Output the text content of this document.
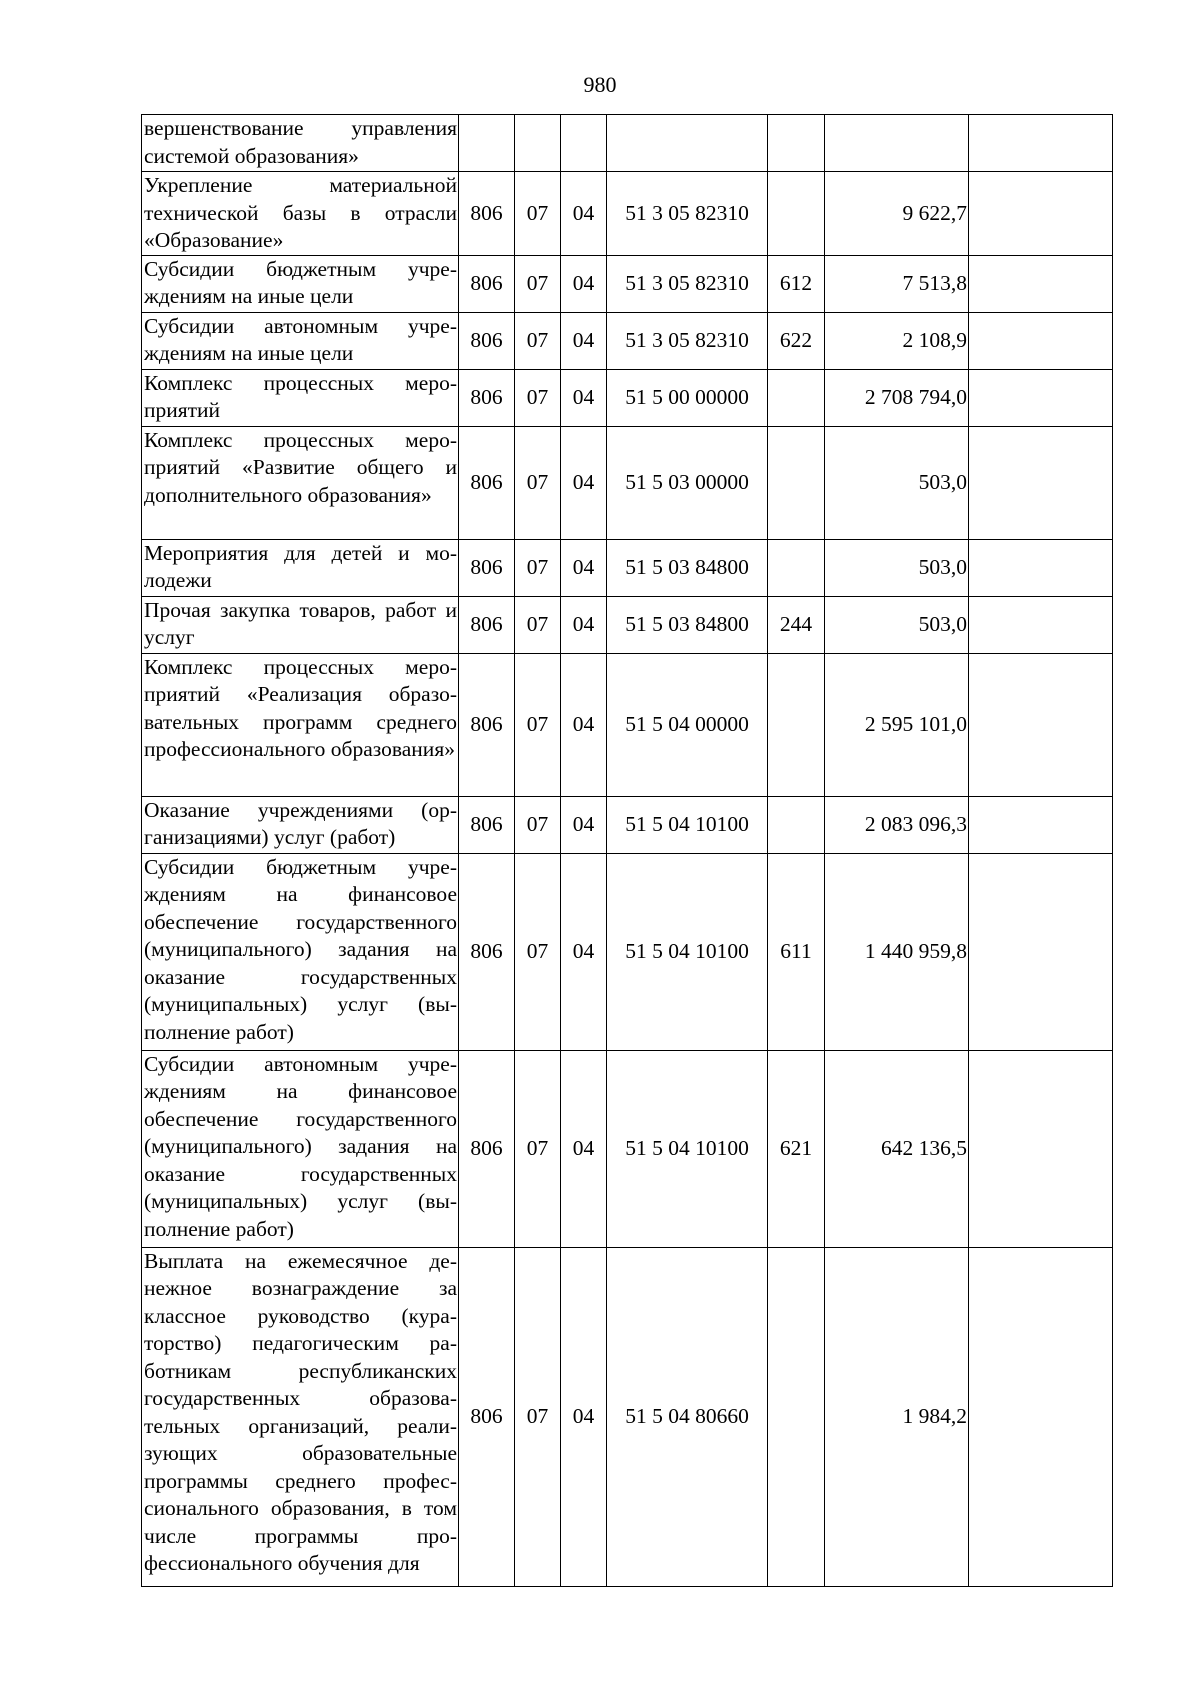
980
вершенствование управления системой образования»							
Укрепление материальной технической базы в отрасли «Образование»	806	07	04	51 3 05 82310		9 622,7	
Субсидии бюджетным учреждениям на иные цели	806	07	04	51 3 05 82310	612	7 513,8	
Субсидии автономным учреждениям на иные цели	806	07	04	51 3 05 82310	622	2 108,9	
Комплекс процессных мероприятий	806	07	04	51 5 00 00000		2 708 794,0	
Комплекс процессных мероприятий «Развитие общего и дополнительного образования»	806	07	04	51 5 03 00000		503,0	
Мероприятия для детей и молодежи	806	07	04	51 5 03 84800		503,0	
Прочая закупка товаров, работ и услуг	806	07	04	51 5 03 84800	244	503,0	
Комплекс процессных мероприятий «Реализация образовательных программ среднего профессионального образования»	806	07	04	51 5 04 00000		2 595 101,0	
Оказание учреждениями (организациями) услуг (работ)	806	07	04	51 5 04 10100		2 083 096,3	
Субсидии бюджетным учреждениям на финансовое обеспечение государственного (муниципального) задания на оказание государственных (муниципальных) услуг (выполнение работ)	806	07	04	51 5 04 10100	611	1 440 959,8	
Субсидии автономным учреждениям на финансовое обеспечение государственного (муниципального) задания на оказание государственных (муниципальных) услуг (выполнение работ)	806	07	04	51 5 04 10100	621	642 136,5	
Выплата на ежемесячное денежное вознаграждение за классное руководство (кураторство) педагогическим работникам республиканских государственных образовательных организаций, реализующих образовательные программы среднего профессионального образования, в том числе программы профессионального обучения для	806	07	04	51 5 04 80660		1 984,2	
